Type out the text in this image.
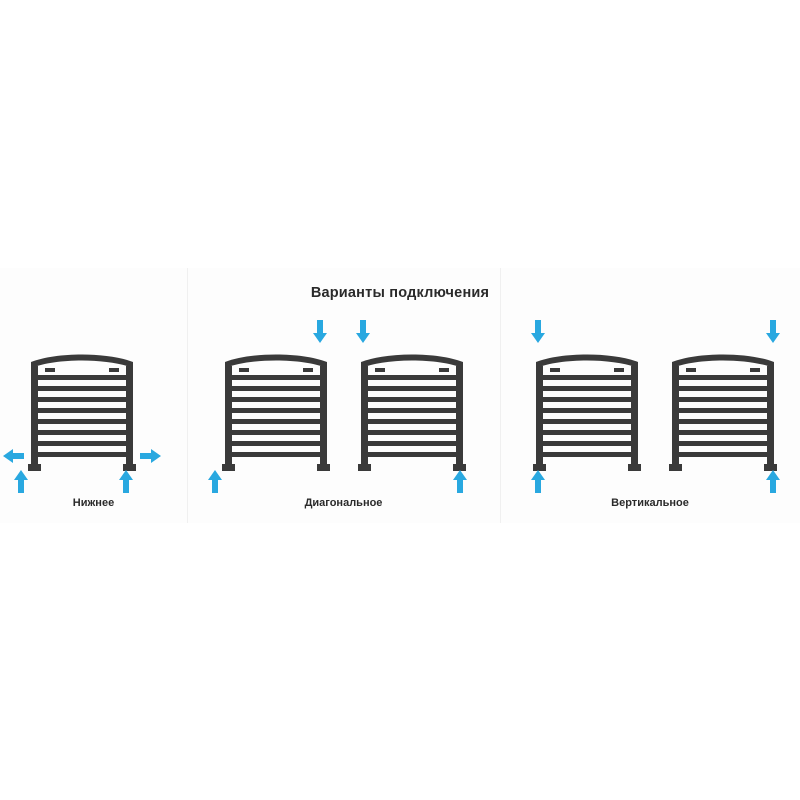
Варианты подключения
Нижнее	Диагональное	Вертикальное
